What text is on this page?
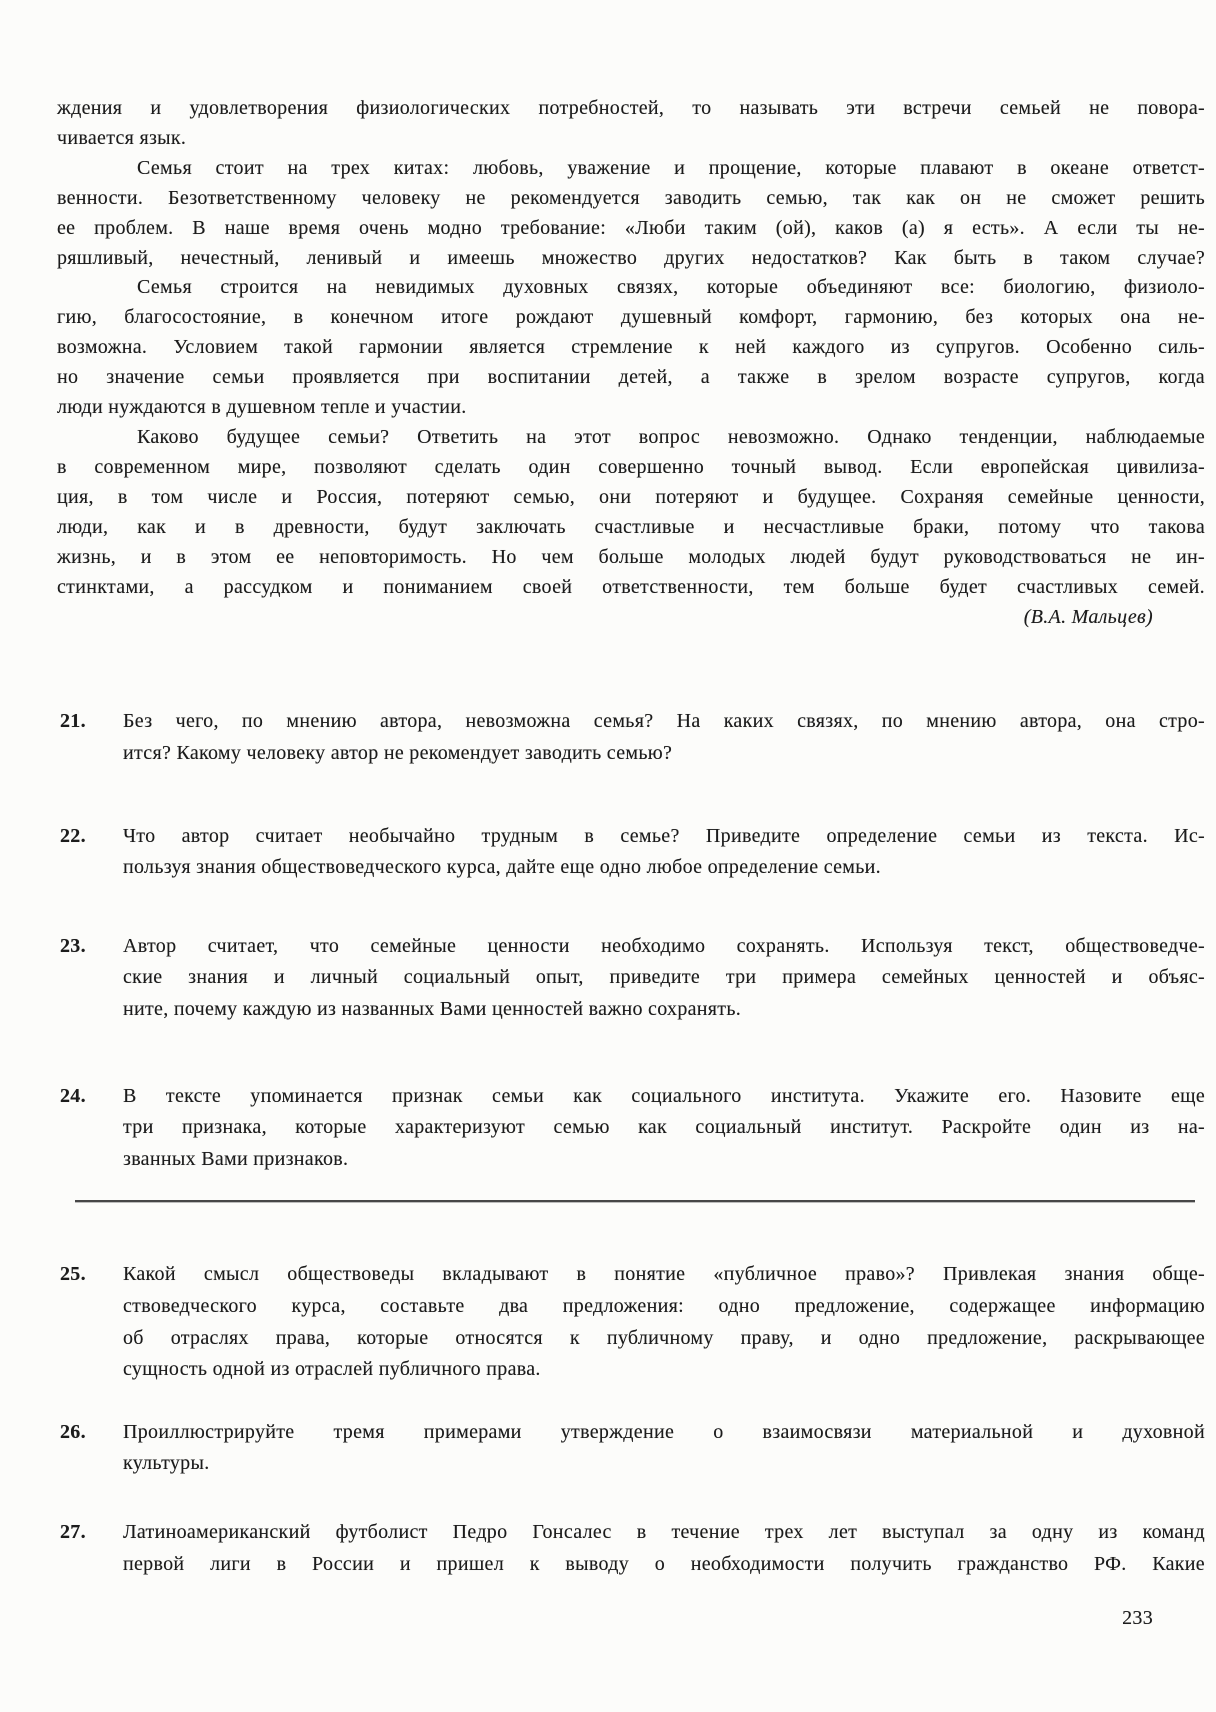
ждения и удовлетворения физиологических потребностей, то называть эти встречи семьей не повора-
чивается язык.
Семья стоит на трех китах: любовь, уважение и прощение, которые плавают в океане ответст-
венности. Безответственному человеку не рекомендуется заводить семью, так как он не сможет решить
ее проблем. В наше время очень модно требование: «Люби таким (ой), каков (а) я есть». А если ты не-
ряшливый, нечестный, ленивый и имеешь множество других недостатков? Как быть в таком случае?
Семья строится на невидимых духовных связях, которые объединяют все: биологию, физиоло-
гию, благосостояние, в конечном итоге рождают душевный комфорт, гармонию, без которых она не-
возможна. Условием такой гармонии является стремление к ней каждого из супругов. Особенно силь-
но значение семьи проявляется при воспитании детей, а также в зрелом возрасте супругов, когда
люди нуждаются в душевном тепле и участии.
Каково будущее семьи? Ответить на этот вопрос невозможно. Однако тенденции, наблюдаемые
в современном мире, позволяют сделать один совершенно точный вывод. Если европейская цивилиза-
ция, в том числе и Россия, потеряют семью, они потеряют и будущее. Сохраняя семейные ценности,
люди, как и в древности, будут заключать счастливые и несчастливые браки, потому что такова
жизнь, и в этом ее неповторимость. Но чем больше молодых людей будут руководствоваться не ин-
стинктами, а рассудком и пониманием своей ответственности, тем больше будет счастливых семей.
(В.А. Мальцев)
21.	Без чего, по мнению автора, невозможна семья? На каких связях, по мнению автора, она стро-
ится? Какому человеку автор не рекомендует заводить семью?
22.	Что автор считает необычайно трудным в семье? Приведите определение семьи из текста. Ис-
пользуя знания обществоведческого курса, дайте еще одно любое определение семьи.
23.	Автор считает, что семейные ценности необходимо сохранять. Используя текст, обществоведче-
ские знания и личный социальный опыт, приведите три примера семейных ценностей и объяс-
ните, почему каждую из названных Вами ценностей важно сохранять.
24.	В тексте упоминается признак семьи как социального института. Укажите его. Назовите еще
три признака, которые характеризуют семью как социальный институт. Раскройте один из на-
званных Вами признаков.
25.	Какой смысл обществоведы вкладывают в понятие «публичное право»? Привлекая знания обще-
ствоведческого курса, составьте два предложения: одно предложение, содержащее информацию
об отраслях права, которые относятся к публичному праву, и одно предложение, раскрывающее
сущность одной из отраслей публичного права.
26.	Проиллюстрируйте тремя примерами утверждение о взаимосвязи материальной и духовной
культуры.
27.	Латиноамериканский футболист Педро Гонсалес в течение трех лет выступал за одну из команд
первой лиги в России и пришел к выводу о необходимости получить гражданство РФ. Какие
233
